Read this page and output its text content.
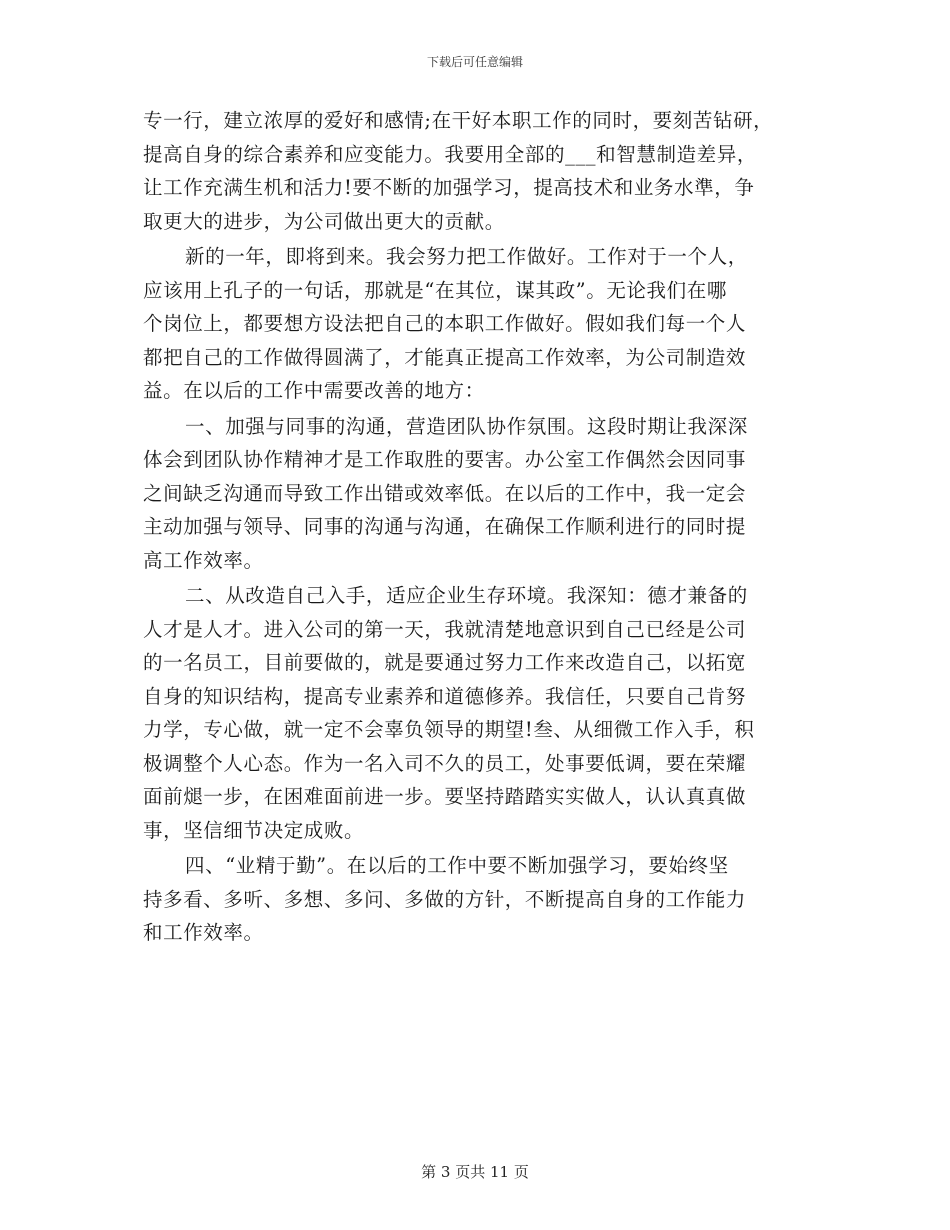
下载后可任意编辑

专一行，建立浓厚的爱好和感情;在干好本职工作的同时，要刻苦钻研，
提高自身的综合素养和应变能力。我要用全部的___和智慧制造差异，
让工作充满生机和活力!要不断的加强学习，提高技术和业务水準，争
取更大的进步，为公司做出更大的贡献。

新的一年，即将到来。我会努力把工作做好。工作对于一个人，
应该用上孔子的一句话，那就是“在其位，谋其政”。无论我们在哪
个岗位上，都要想方设法把自己的本职工作做好。假如我们每一个人
都把自己的工作做得圆满了，才能真正提高工作效率，为公司制造效
益。在以后的工作中需要改善的地方：

一、加强与同事的沟通，营造团队协作氛围。这段时期让我深深
体会到团队协作精神才是工作取胜的要害。办公室工作偶然会因同事
之间缺乏沟通而导致工作出错或效率低。在以后的工作中，我一定会
主动加强与领导、同事的沟通与沟通，在确保工作顺利进行的同时提
高工作效率。

二、从改造自己入手，适应企业生存环境。我深知：德才兼备的
人才是人才。进入公司的第一天，我就清楚地意识到自己已经是公司
的一名员工，目前要做的，就是要通过努力工作来改造自己，以拓宽
自身的知识结构，提高专业素养和道德修养。我信任，只要自己肯努
力学，专心做，就一定不会辜负领导的期望!叁、从细微工作入手，积
极调整个人心态。作为一名入司不久的员工，处事要低调，要在荣耀
面前煺一步，在困难面前进一步。要坚持踏踏实实做人，认认真真做
事，坚信细节决定成败。

四、“业精于勤”。在以后的工作中要不断加强学习，要始终坚
持多看、多听、多想、多问、多做的方针，不断提高自身的工作能力
和工作效率。

第 3 页共 11 页
